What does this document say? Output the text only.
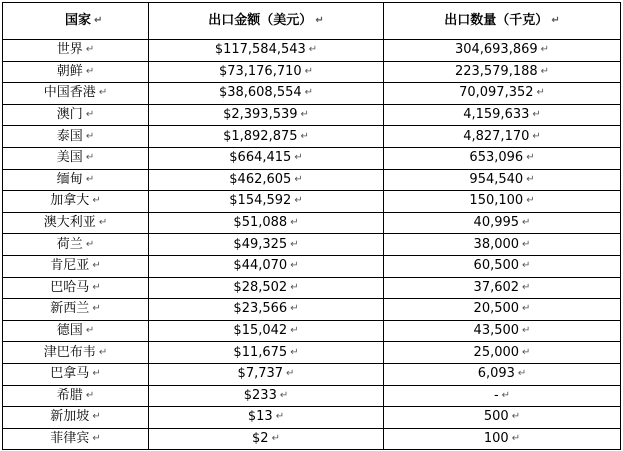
国家 ↵	出口金额（美元） ↵	出口数量（千克） ↵

世界 ↵	$117,584,543 ↵	304,693,869 ↵

朝鲜 ↵	$73,176,710 ↵	223,579,188 ↵

中国香港 ↵	$38,608,554 ↵	70,097,352 ↵

澳门 ↵	$2,393,539 ↵	4,159,633 ↵

泰国 ↵	$1,892,875 ↵	4,827,170 ↵

美国 ↵	$664,415 ↵	653,096 ↵

缅甸 ↵	$462,605 ↵	954,540 ↵

加拿大 ↵	$154,592 ↵	150,100 ↵

澳大利亚 ↵	$51,088 ↵	40,995 ↵

荷兰 ↵	$49,325 ↵	38,000 ↵

肯尼亚 ↵	$44,070 ↵	60,500 ↵

巴哈马 ↵	$28,502 ↵	37,602 ↵

新西兰 ↵	$23,566 ↵	20,500 ↵

德国 ↵	$15,042 ↵	43,500 ↵

津巴布韦 ↵	$11,675 ↵	25,000 ↵

巴拿马 ↵	$7,737 ↵	6,093 ↵

希腊 ↵	$233 ↵	- ↵

新加坡 ↵	$13 ↵	500 ↵

菲律宾 ↵	$2 ↵	100 ↵
